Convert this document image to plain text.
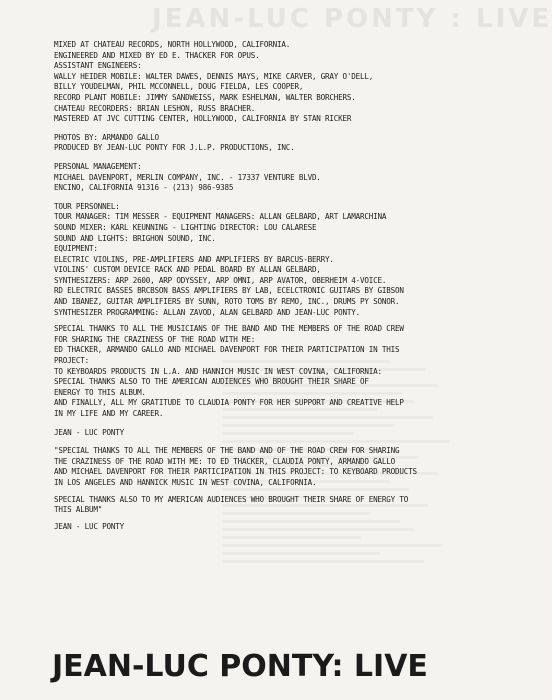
JEAN-LUC PONTY : LIVE
MIXED AT CHATEAU RECORDS, NORTH HOLLYWOOD, CALIFORNIA.
ENGINEERED AND MIXED BY ED E. THACKER FOR OPUS.
ASSISTANT ENGINEERS:
WALLY HEIDER MOBILE: WALTER DAWES, DENNIS MAYS, MIKE CARVER, GRAY O'DELL,
BILLY YOUDELMAN, PHIL MCCONNELL, DOUG FIELDA, LES COOPER,
RECORD PLANT MOBILE: JIMMY SANDWEISS, MARK ESHELMAN, WALTER BORCHERS.
CHATEAU RECORDERS: BRIAN LESHON, RUSS BRACHER.
MASTERED AT JVC CUTTING CENTER, HOLLYWOOD, CALIFORNIA BY STAN RICKER
PHOTOS BY: ARMANDO GALLO
PRODUCED BY JEAN-LUC PONTY FOR J.L.P. PRODUCTIONS, INC.
PERSONAL MANAGEMENT:
MICHAEL DAVENPORT, MERLIN COMPANY, INC. - 17337 VENTURE BLVD.
ENCINO, CALIFORNIA 91316 - (213) 986-9385
TOUR PERSONNEL:
TOUR MANAGER: TIM MESSER - EQUIPMENT MANAGERS: ALLAN GELBARD, ART LAMARCHINA
SOUND MIXER: KARL KEUNNING - LIGHTING DIRECTOR: LOU CALARESE
SOUND AND LIGHTS: BRIGHON SOUND, INC.
EQUIPMENT:
ELECTRIC VIOLINS, PRE-AMPLIFIERS AND AMPLIFIERS BY BARCUS-BERRY.
VIOLINS' CUSTOM DEVICE RACK AND PEDAL BOARD BY ALLAN GELBARD,
SYNTHESIZERS: ARP 2600, ARP ODYSSEY, ARP OMNI, ARP AVATOR, OBERHEIM 4-VOICE.
RD ELECTRIC BASSES BRCBSON BASS AMPLIFIERS BY LAB, ECELCTRONIC GUITARS BY GIBSON
AND IBANEZ, GUITAR AMPLIFIERS BY SUNN, ROTO TOMS BY REMO, INC., DRUMS PY SONOR.
SYNTHESIZER PROGRAMMING: ALLAN ZAVOD, ALAN GELBARD AND JEAN-LUC PONTY.
SPECIAL THANKS TO ALL THE MUSICIANS OF THE BAND AND THE MEMBERS OF THE ROAD CREW
FOR SHARING THE CRAZINESS OF THE ROAD WITH ME:
ED THACKER, ARMANDO GALLO AND MICHAEL DAVENPORT FOR THEIR PARTICIPATION IN THIS
PROJECT:
TO KEYBOARDS PRODUCTS IN L.A. AND HANNICH MUSIC IN WEST COVINA, CALIFORNIA:
SPECIAL THANKS ALSO TO THE AMERICAN AUDIENCES WHO BROUGHT THEIR SHARE OF
ENERGY TO THIS ALBUM.
AND FINALLY, ALL MY GRATITUDE TO CLAUDIA PONTY FOR HER SUPPORT AND CREATIVE HELP
IN MY LIFE AND MY CAREER.
JEAN - LUC PONTY
"SPECIAL THANKS TO ALL THE MEMBERS OF THE BAND AND OF THE ROAD CREW FOR SHARING
THE CRAZINESS OF THE ROAD WITH ME: TO ED THACKER, CLAUDIA PONTY, ARMANDO GALLO
AND MICHAEL DAVENPORT FOR THEIR PARTICIPATION IN THIS PROJECT: TO KEYBOARD PRODUCTS
IN LOS ANGELES AND HANNICK MUSIC IN WEST COVINA, CALIFORNIA.
SPECIAL THANKS ALSO TO MY AMERICAN AUDIENCES WHO BROUGHT THEIR SHARE OF ENERGY TO
THIS ALBUM"
JEAN - LUC PONTY
JEAN-LUC PONTY: LIVE
